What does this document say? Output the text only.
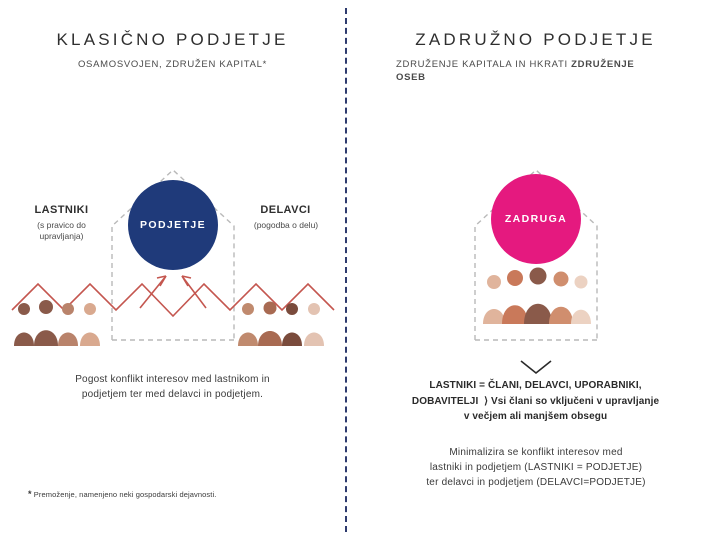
KLASIČNO PODJETJE
OSAMOSVOJEN, ZDRUŽEN KAPITAL*
PODJETJE
LASTNIKI
(s pravico do
upravljanja)
DELAVCI
(pogodba o delu)
Pogost konflikt interesov med lastnikom in
podjetjem ter med delavci in podjetjem.
* Premoženje, namenjeno neki gospodarski dejavnosti.
ZADRUŽNO PODJETJE
ZDRUŽENJE KAPITALA IN HKRATI ZDRUŽENJE
OSEB
ZADRUGA
LASTNIKI = ČLANI, DELAVCI, UPORABNIKI,
DOBAVITELJI  ⟩ Vsi člani so vključeni v upravljanje
v večjem ali manjšem obsegu
Minimalizira se konflikt interesov med
lastniki in podjetjem (LASTNIKI = PODJETJE)
ter delavci in podjetjem (DELAVCI=PODJETJE)
